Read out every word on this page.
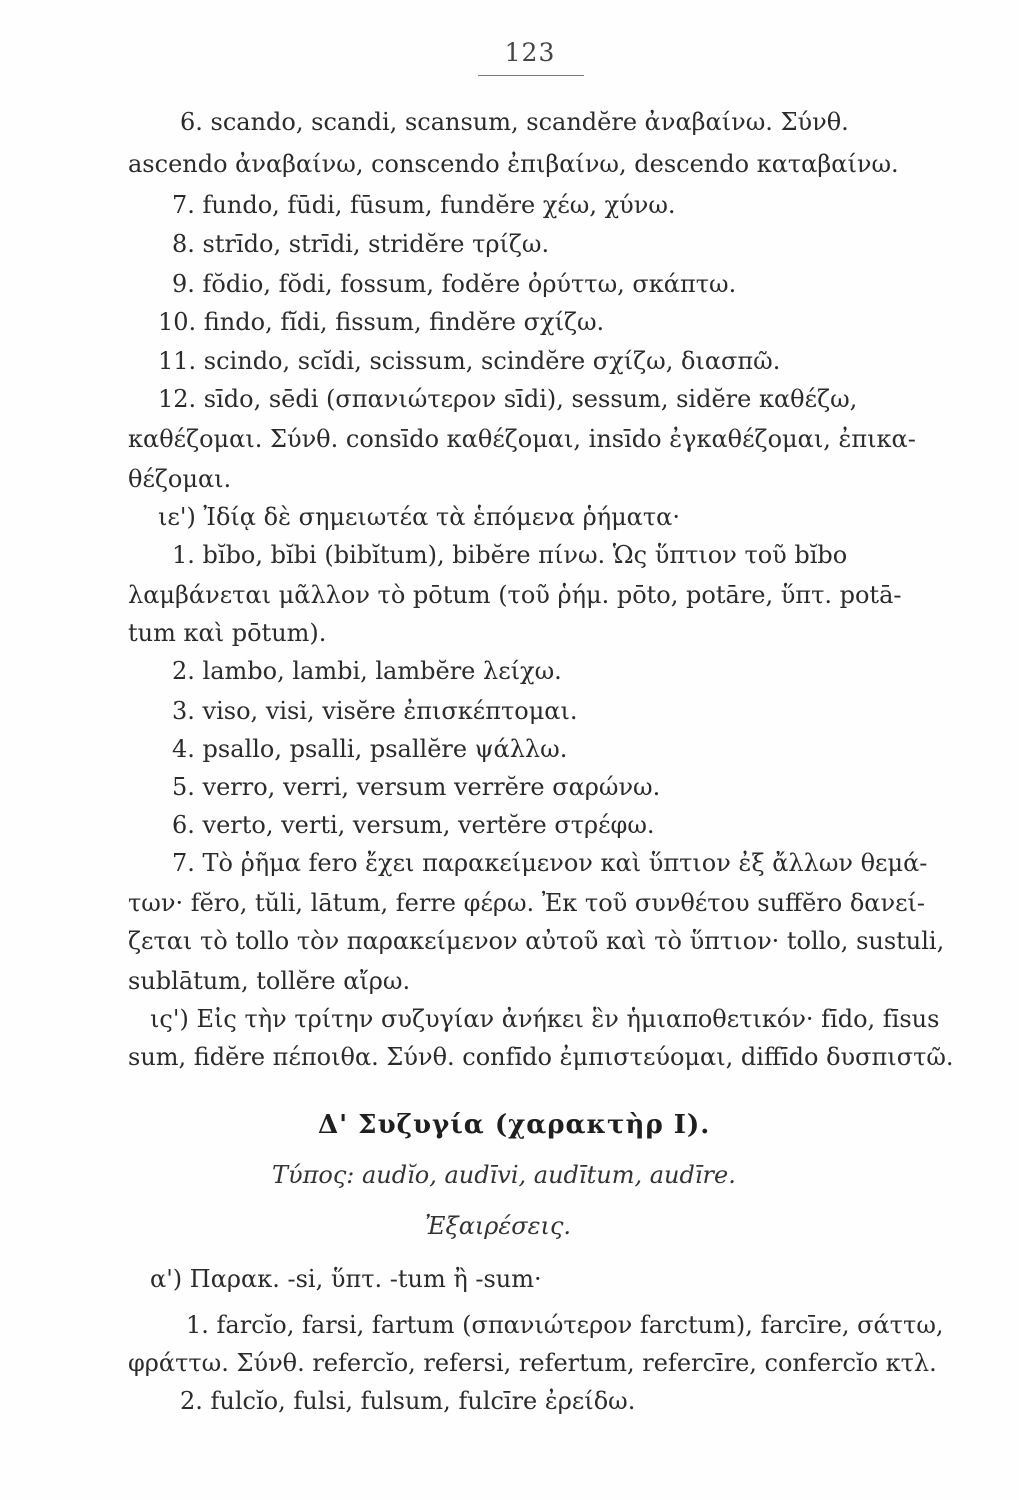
123
6. scando, scandi, scansum, scandĕre ἀναβαίνω. Σύνθ.
ascendo ἀναβαίνω, conscendo ἐπιβαίνω, descendo καταβαίνω.
7. fundo, fūdi, fūsum, fundĕre χέω, χύνω.
8. strīdo, strīdi, stridĕre τρίζω.
9. fŏdio, fŏdi, fossum, fodĕre ὀρύττω, σκάπτω.
10. findo, fĭdi, fissum, findĕre σχίζω.
11. scindo, scĭdi, scissum, scindĕre σχίζω, διασπῶ.
12. sīdo, sēdi (σπανιώτερον sīdi), sessum, sidĕre καθέζω,
καθέζομαι. Σύνθ. consīdo καθέζομαι, insīdo ἐγκαθέζομαι, ἐπικα-
θέζομαι.
ιε') Ἰδίᾳ δὲ σημειωτέα τὰ ἑπόμενα ῥήματα·
1. bĭbo, bĭbi (bibĭtum), bibĕre πίνω. Ὡς ὕπτιον τοῦ bĭbo
λαμβάνεται μᾶλλον τὸ pōtum (τοῦ ῥήμ. pōto, potāre, ὕπτ. potā-
tum καὶ pōtum).
2. lambo, lambi, lambĕre λείχω.
3. viso, visi, visĕre ἐπισκέπτομαι.
4. psallo, psalli, psallĕre ψάλλω.
5. verro, verri, versum verrĕre σαρώνω.
6. verto, verti, versum, vertĕre στρέφω.
7. Τὸ ῥῆμα fero ἔχει παρακείμενον καὶ ὕπτιον ἐξ ἄλλων θεμά-
των· fĕro, tŭli, lātum, ferre φέρω. Ἐκ τοῦ συνθέτου suffĕro δανεί-
ζεται τὸ tollo τὸν παρακείμενον αὐτοῦ καὶ τὸ ὕπτιον· tollo, sustuli,
sublātum, tollĕre αἴρω.
ις') Εἰς τὴν τρίτην συζυγίαν ἀνήκει ἓν ἡμιαποθετικόν· fīdo, fīsus
sum, fidĕre πέποιθα. Σύνθ. confīdo ἐμπιστεύομαι, diffīdo δυσπιστῶ.
Δ' Συζυγία (χαρακτὴρ I).
Τύπος: audĭo, audīvi, audītum, audīre.
Ἐξαιρέσεις.
α') Παρακ. -si, ὕπτ. -tum ἢ -sum·
1. farcĭo, farsi, fartum (σπανιώτερον farctum), farcīre, σάττω,
φράττω. Σύνθ. refercĭo, refersi, refertum, refercīre, confercĭo κτλ.
2. fulcĭo, fulsi, fulsum, fulcīre ἐρείδω.
